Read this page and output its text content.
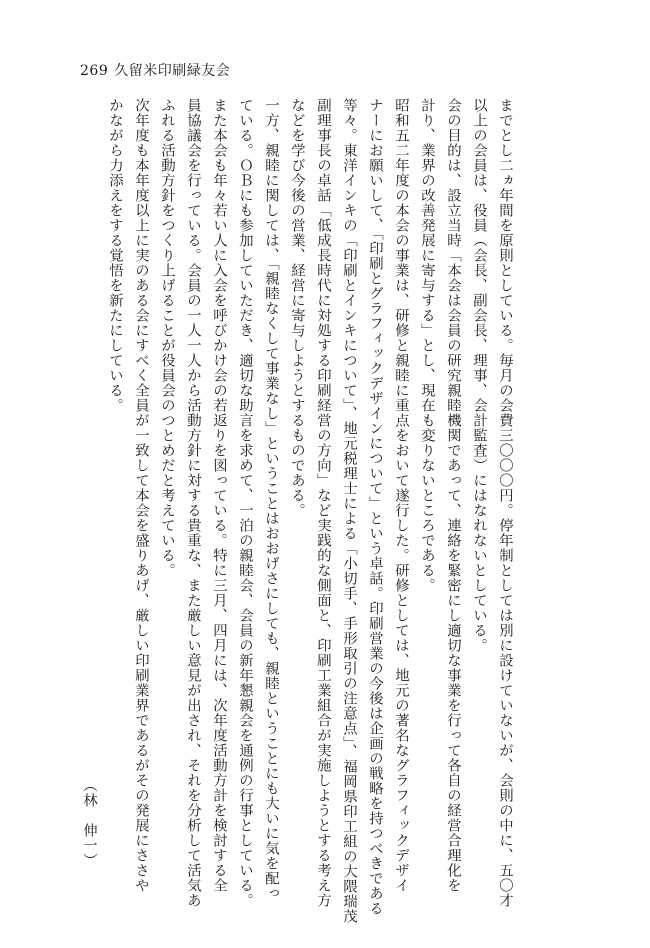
269 久留米印刷緑友会

までとし二ヵ年間を原則としている。毎月の会費三〇〇〇円。停年制としては別に設けていないが、会則の中に、五〇才

以上の会員は、役員（会長、副会長、理事、会計監査）にはなれないとしている。

会の目的は、設立当時「本会は会員の研究親睦機関であって、連絡を緊密にし適切な事業を行って各自の経営合理化を

計り、業界の改善発展に寄与する」とし、現在も変りないところである。

昭和五二年度の本会の事業は、研修と親睦に重点をおいて遂行した。研修としては、地元の著名なグラフィックデザイ

ナーにお願いして、「印刷とグラフィックデザインについて」という卓話。印刷営業の今後は企画の戦略を持つべきである

等々。東洋インキの「印刷とインキについて」、地元税理士による「小切手、手形取引の注意点」、福岡県印工組の大隈瑞茂

副理事長の卓話「低成長時代に対処する印刷経営の方向」など実践的な側面と、印刷工業組合が実施しようとする考え方

などを学び今後の営業、経営に寄与しようとするものである。

一方、親睦に関しては、「親睦なくして事業なし」ということはおおげさにしても、親睦ということにも大いに気を配っ

ている。ＯＢにも参加していただき、適切な助言を求めて、一泊の親睦会、会員の新年懇親会を通例の行事としている。

また本会も年々若い人に入会を呼びかけ会の若返りを図っている。特に三月、四月には、次年度活動方計を検討する全

員協議会を行っている。会員の一人一人から活動方針に対する貴重な、また厳しい意見が出され、それを分析して活気あ

ふれる活動方針をつくり上げることが役員会のつとめだと考えている。

次年度も本年度以上に実のある会にすべく全員が一致して本会を盛りあげ、厳しい印刷業界であるがその発展にささや

かながら力添えをする覚悟を新たにしている。

（林　伸一）
